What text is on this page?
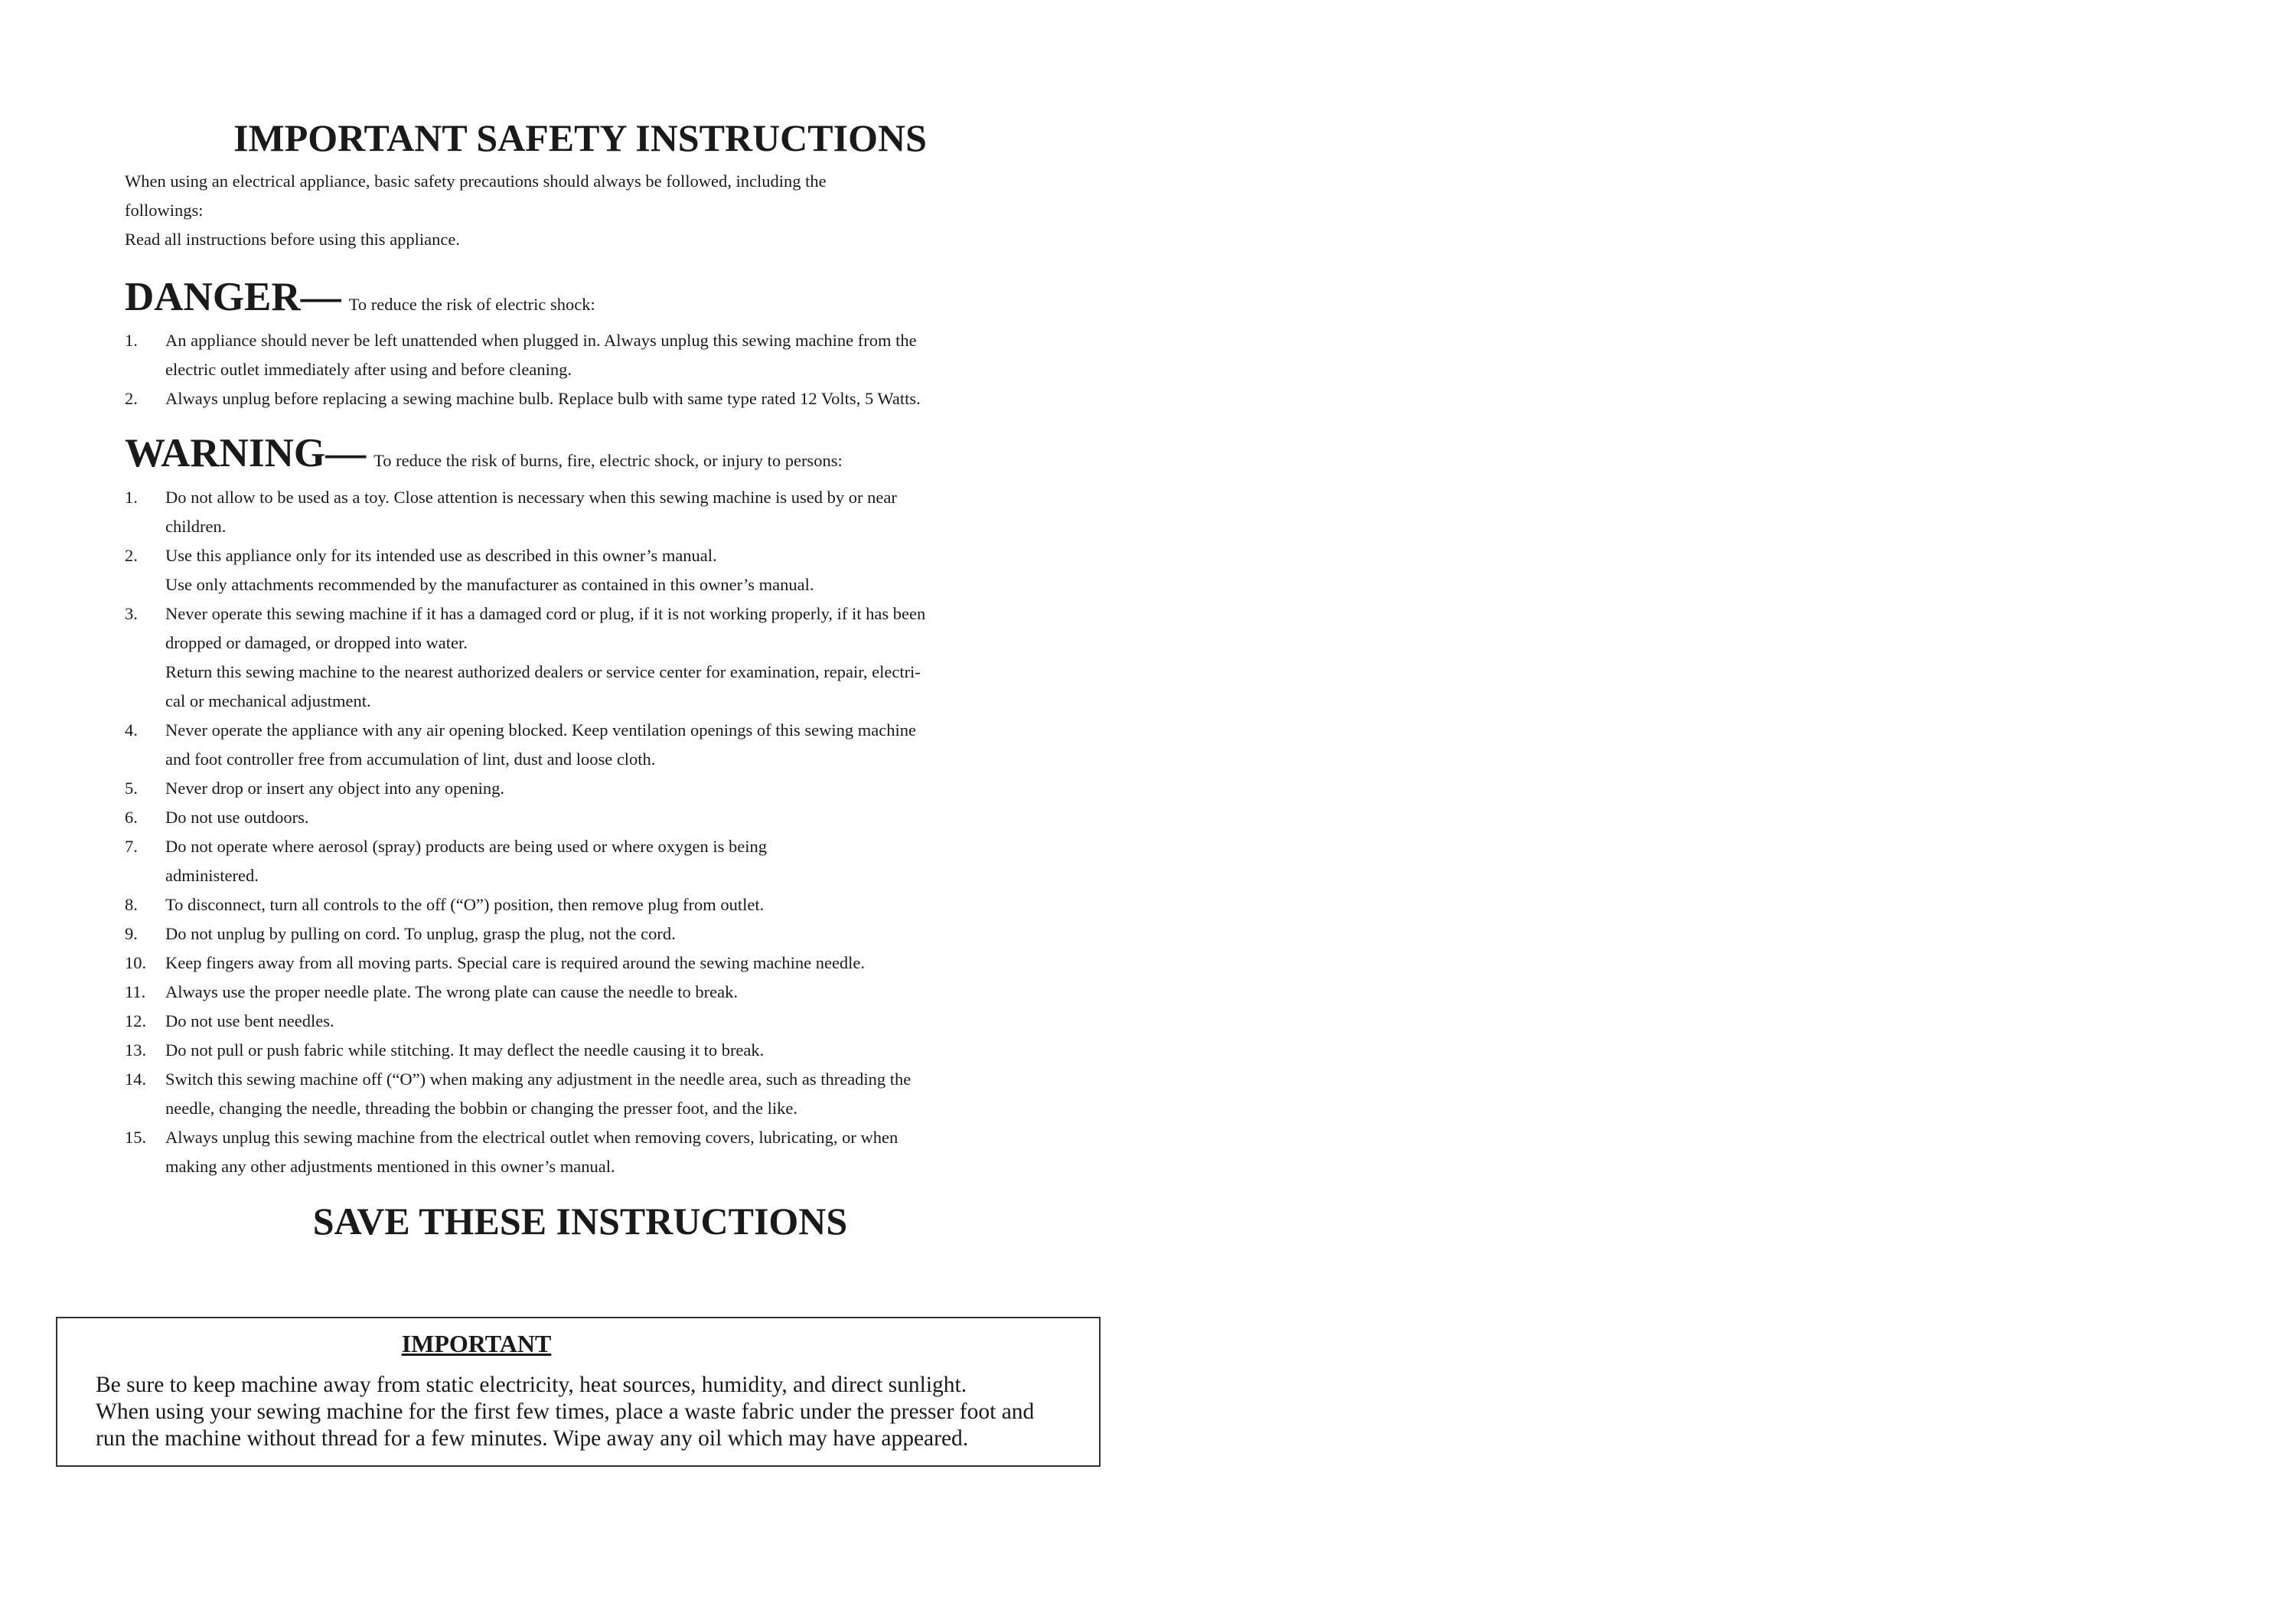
IMPORTANT SAFETY INSTRUCTIONS

When using an electrical appliance, basic safety precautions should always be followed, including the

followings:

Read all instructions before using this appliance.

DANGER— To reduce the risk of electric shock:
1. An appliance should never be left unattended when plugged in. Always unplug this sewing machine from the
electric outlet immediately after using and before cleaning.
2. Always unplug before replacing a sewing machine bulb. Replace bulb with same type rated 12 Volts, 5 Watts.
WARNING— To reduce the risk of burns, fire, electric shock, or injury to persons:
1. Do not allow to be used as a toy. Close attention is necessary when this sewing machine is used by or near
children.
2. Use this appliance only for its intended use as described in this owner’s manual.
Use only attachments recommended by the manufacturer as contained in this owner’s manual.
3. Never operate this sewing machine if it has a damaged cord or plug, if it is not working properly, if it has been
dropped or damaged, or dropped into water.
Return this sewing machine to the nearest authorized dealers or service center for examination, repair, electri-
cal or mechanical adjustment.
4. Never operate the appliance with any air opening blocked. Keep ventilation openings of this sewing machine
and foot controller free from accumulation of lint, dust and loose cloth.
5. Never drop or insert any object into any opening.
6. Do not use outdoors.
7. Do not operate where aerosol (spray) products are being used or where oxygen is being
administered.
8. To disconnect, turn all controls to the off (“O”) position, then remove plug from outlet.
9. Do not unplug by pulling on cord. To unplug, grasp the plug, not the cord.
10. Keep fingers away from all moving parts. Special care is required around the sewing machine needle.
11. Always use the proper needle plate. The wrong plate can cause the needle to break.
12. Do not use bent needles.
13. Do not pull or push fabric while stitching. It may deflect the needle causing it to break.
14. Switch this sewing machine off (“O”) when making any adjustment in the needle area, such as threading the
needle, changing the needle, threading the bobbin or changing the presser foot, and the like.
15. Always unplug this sewing machine from the electrical outlet when removing covers, lubricating, or when
making any other adjustments mentioned in this owner’s manual.
SAVE THESE INSTRUCTIONS
IMPORTANT

Be sure to keep machine away from static electricity, heat sources, humidity, and direct sunlight.

When using your sewing machine for the first few times, place a waste fabric under the presser foot and

run the machine without thread for a few minutes. Wipe away any oil which may have appeared.
